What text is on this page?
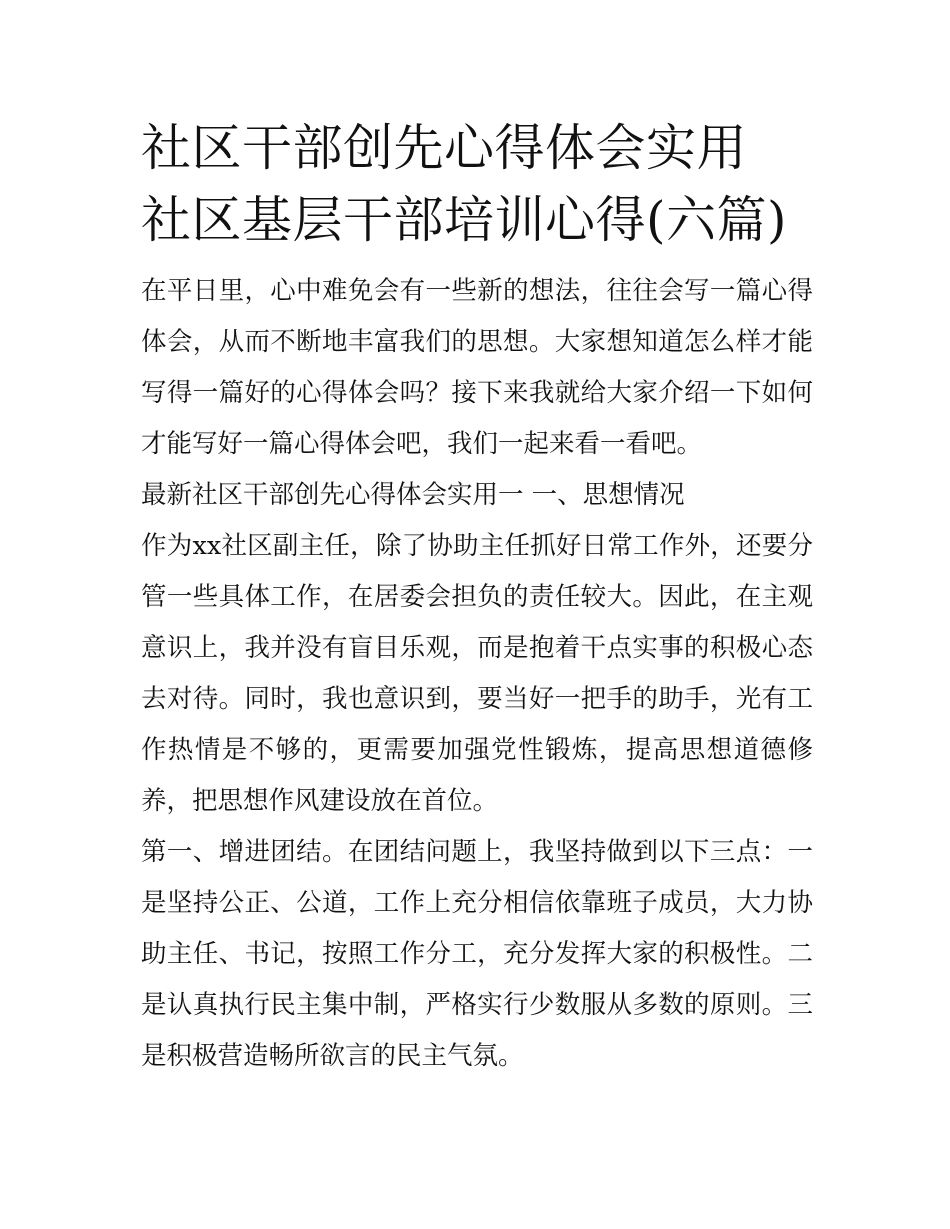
社区干部创先心得体会实用 社区基层干部培训心得(六篇)

在平日里，心中难免会有一些新的想法，往往会写一篇心得体会，从而不断地丰富我们的思想。大家想知道怎么样才能写得一篇好的心得体会吗？接下来我就给大家介绍一下如何才能写好一篇心得体会吧，我们一起来看一看吧。

最新社区干部创先心得体会实用一 一、思想情况

作为xx社区副主任，除了协助主任抓好日常工作外，还要分管一些具体工作，在居委会担负的责任较大。因此，在主观意识上，我并没有盲目乐观，而是抱着干点实事的积极心态去对待。同时，我也意识到，要当好一把手的助手，光有工作热情是不够的，更需要加强党性锻炼，提高思想道德修养，把思想作风建设放在首位。

第一、增进团结。在团结问题上，我坚持做到以下三点：一是坚持公正、公道，工作上充分相信依靠班子成员，大力协助主任、书记，按照工作分工，充分发挥大家的积极性。二是认真执行民主集中制，严格实行少数服从多数的原则。三是积极营造畅所欲言的民主气氛。
